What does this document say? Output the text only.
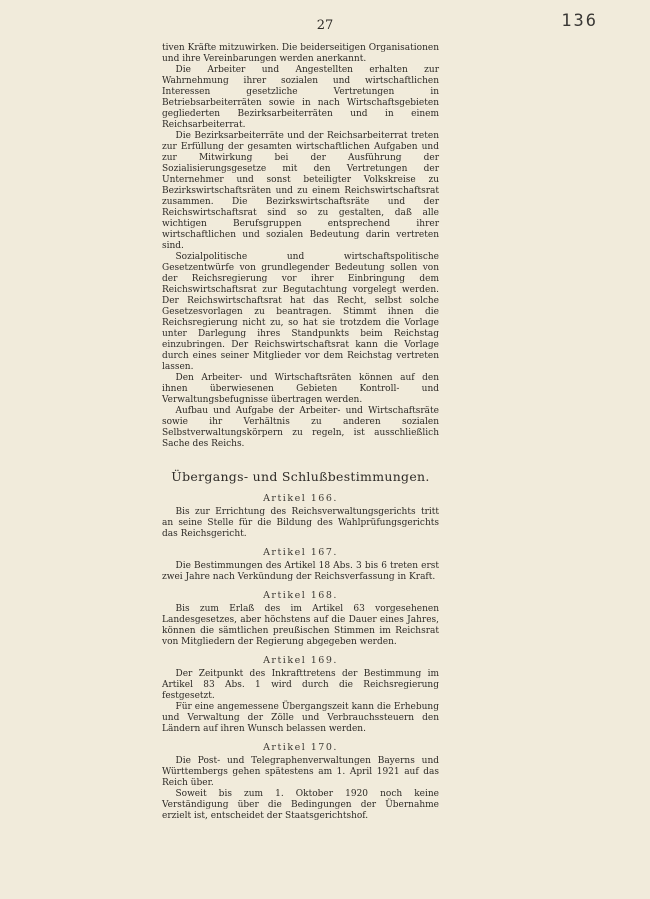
136
27

tiven Kräfte mitzuwirken. Die beiderseitigen Organisationen und ihre Vereinbarungen werden anerkannt.

Die Arbeiter und Angestellten erhalten zur Wahrnehmung ihrer sozialen und wirtschaftlichen Interessen gesetzliche Vertretungen in Betriebsarbeiterräten sowie in nach Wirtschaftsgebieten gegliederten Bezirksarbeiterräten und in einem Reichsarbeiterrat.

Die Bezirksarbeiterräte und der Reichsarbeiterrat treten zur Erfüllung der gesamten wirtschaftlichen Aufgaben und zur Mitwirkung bei der Ausführung der Sozialisierungsgesetze mit den Vertretungen der Unternehmer und sonst beteiligter Volkskreise zu Bezirkswirtschaftsräten und zu einem Reichswirtschaftsrat zusammen. Die Bezirkswirtschaftsräte und der Reichswirtschaftsrat sind so zu gestalten, daß alle wichtigen Berufsgruppen entsprechend ihrer wirtschaftlichen und sozialen Bedeutung darin vertreten sind.

Sozialpolitische und wirtschaftspolitische Gesetzentwürfe von grundlegender Bedeutung sollen von der Reichsregierung vor ihrer Einbringung dem Reichswirtschaftsrat zur Begutachtung vorgelegt werden. Der Reichswirtschaftsrat hat das Recht, selbst solche Gesetzesvorlagen zu beantragen. Stimmt ihnen die Reichsregierung nicht zu, so hat sie trotzdem die Vorlage unter Darlegung ihres Standpunkts beim Reichstag einzubringen. Der Reichswirtschaftsrat kann die Vorlage durch eines seiner Mitglieder vor dem Reichstag vertreten lassen.

Den Arbeiter- und Wirtschaftsräten können auf den ihnen überwiesenen Gebieten Kontroll- und Verwaltungsbefugnisse übertragen werden.

Aufbau und Aufgabe der Arbeiter- und Wirtschaftsräte sowie ihr Verhältnis zu anderen sozialen Selbstverwaltungskörpern zu regeln, ist ausschließlich Sache des Reichs.

Übergangs- und Schlußbestimmungen.
Artikel 166.

Bis zur Errichtung des Reichsverwaltungsgerichts tritt an seine Stelle für die Bildung des Wahlprüfungsgerichts das Reichsgericht.

Artikel 167.

Die Bestimmungen des Artikel 18 Abs. 3 bis 6 treten erst zwei Jahre nach Verkündung der Reichsverfassung in Kraft.

Artikel 168.

Bis zum Erlaß des im Artikel 63 vorgesehenen Landesgesetzes, aber höchstens auf die Dauer eines Jahres, können die sämtlichen preußischen Stimmen im Reichsrat von Mitgliedern der Regierung abgegeben werden.

Artikel 169.

Der Zeitpunkt des Inkrafttretens der Bestimmung im Artikel 83 Abs. 1 wird durch die Reichsregierung festgesetzt.

Für eine angemessene Übergangszeit kann die Erhebung und Verwaltung der Zölle und Verbrauchssteuern den Ländern auf ihren Wunsch belassen werden.

Artikel 170.

Die Post- und Telegraphenverwaltungen Bayerns und Württembergs gehen spätestens am 1. April 1921 auf das Reich über.

Soweit bis zum 1. Oktober 1920 noch keine Verständigung über die Bedingungen der Übernahme erzielt ist, entscheidet der Staatsgerichtshof.
